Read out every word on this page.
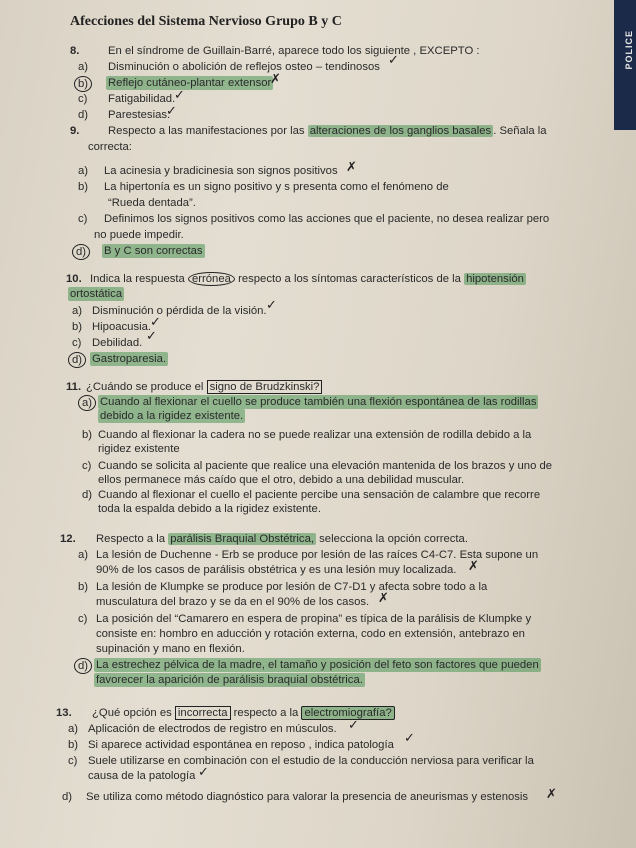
POLICE
Afecciones del Sistema Nervioso Grupo B y C
8.	En el síndrome de Guillain-Barré, aparece todo los siguiente , EXCEPTO :
a) Disminución o abolición de reflejos osteo – tendinosos ✓
b)	Reflejo cutáneo-plantar extensor
✗
c) Fatigabilidad.
✓
d) Parestesias.
✓
9.	Respecto a las manifestaciones por las alteraciones de los ganglios basales . Señala la
correcta:
a) La acinesia y bradicinesia son signos positivos ✗
b) La hipertonía es un signo positivo y s presenta como el fenómeno de
“Rueda dentada”.
c) Definimos los signos positivos como las acciones que el paciente, no desea realizar pero
no puede impedir.
d)	B y C son correctas
10. Indica la respuesta errónea respecto a los síntomas característicos de la hipotensión
ortostática
a) Disminución o pérdida de la visión. ✓
b) Hipoacusia.
✓
c) Debilidad. ✓
d) Gastroparesia.
11. ¿Cuándo se produce el signo de Brudzkinski?
a) Cuando al flexionar el cuello se produce también una flexión espontánea de las rodillas
debido a la rigidez existente.
b) Cuando al flexionar la cadera no se puede realizar una extensión de rodilla debido a la
rigidez existente
c) Cuando se solicita al paciente que realice una elevación mantenida de los brazos y uno de
ellos permanece más caído que el otro, debido a una debilidad muscular.
d) Cuando al flexionar el cuello el paciente percibe una sensación de calambre que recorre
toda la espalda debido a la rigidez existente.
12. Respecto a la parálisis Braquial Obstétrica, selecciona la opción correcta.
a) La lesión de Duchenne - Erb se produce por lesión de las raíces C4-C7. Esta supone un
90% de los casos de parálisis obstétrica y es una lesión muy localizada. ✗
b) La lesión de Klumpke se produce por lesión de C7-D1 y afecta sobre todo a la
musculatura del brazo y se da en el 90% de los casos. ✗
c) La posición del “Camarero en espera de propina” es típica de la parálisis de Klumpke y
consiste en: hombro en aducción y rotación externa, codo en extensión, antebrazo en
supinación y mano en flexión.
d) La estrechez pélvica de la madre, el tamaño y posición del feto son factores que pueden
favorecer la aparición de parálisis braquial obstétrica.
13. ¿Qué opción es incorrecta respecto a la electromiografía?
a) Aplicación de electrodos de registro en músculos. ✓
b) Si aparece actividad espontánea en reposo , indica patología ✓
c) Suele utilizarse en combinación con el estudio de la conducción nerviosa para verificar la
causa de la patología ✓
d) Se utiliza como método diagnóstico para valorar la presencia de aneurismas y estenosis ✗
